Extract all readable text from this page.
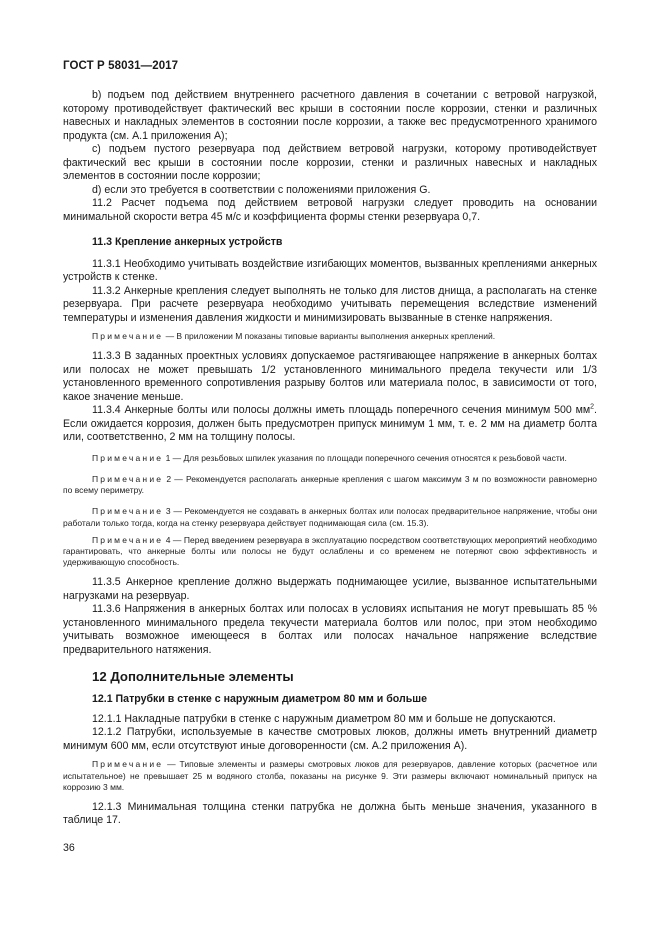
ГОСТ Р 58031—2017

b) подъем под действием внутреннего расчетного давления в сочетании с ветровой нагрузкой, которому противодействует фактический вес крыши в состоянии после коррозии, стенки и различных навесных и накладных элементов в состоянии после коррозии, а также вес предусмотренного хранимого продукта (см. А.1 приложения А);

c) подъем пустого резервуара под действием ветровой нагрузки, которому противодействует фактический вес крыши в состоянии после коррозии, стенки и различных навесных и накладных элементов в состоянии после коррозии;

d) если это требуется в соответствии с положениями приложения G.

11.2 Расчет подъема под действием ветровой нагрузки следует проводить на основании минимальной скорости ветра 45 м/с и коэффициента формы стенки резервуара 0,7.

11.3 Крепление анкерных устройств

11.3.1 Необходимо учитывать воздействие изгибающих моментов, вызванных креплениями анкерных устройств к стенке.

11.3.2 Анкерные крепления следует выполнять не только для листов днища, а располагать на стенке резервуара. При расчете резервуара необходимо учитывать перемещения вследствие изменений температуры и изменения давления жидкости и минимизировать вызванные в стенке напряжения.

Примечание — В приложении М показаны типовые варианты выполнения анкерных креплений.

11.3.3 В заданных проектных условиях допускаемое растягивающее напряжение в анкерных болтах или полосах не может превышать 1/2 установленного минимального предела текучести или 1/3 установленного временного сопротивления разрыву болтов или материала полос, в зависимости от того, какое значение меньше.

11.3.4 Анкерные болты или полосы должны иметь площадь поперечного сечения минимум 500 $мм^2$. Если ожидается коррозия, должен быть предусмотрен припуск минимум 1 мм, т. е. 2 мм на диаметр болта или, соответственно, 2 мм на толщину полосы.

Примечание 1 — Для резьбовых шпилек указания по площади поперечного сечения относятся к резьбовой части.

Примечание 2 — Рекомендуется располагать анкерные крепления с шагом максимум 3 м по возможности равномерно по всему периметру.

Примечание 3 — Рекомендуется не создавать в анкерных болтах или полосах предварительное напряжение, чтобы они работали только тогда, когда на стенку резервуара действует поднимающая сила (см. 15.3).

Примечание 4 — Перед введением резервуара в эксплуатацию посредством соответствующих мероприятий необходимо гарантировать, что анкерные болты или полосы не будут ослаблены и со временем не потеряют свою эффективность и удерживающую способность.

11.3.5 Анкерное крепление должно выдержать поднимающее усилие, вызванное испытательными нагрузками на резервуар.

11.3.6 Напряжения в анкерных болтах или полосах в условиях испытания не могут превышать 85 % установленного минимального предела текучести материала болтов или полос, при этом необходимо учитывать возможное имеющееся в болтах или полосах начальное напряжение вследствие предварительного натяжения.

12 Дополнительные элементы

12.1 Патрубки в стенке с наружным диаметром 80 мм и больше

12.1.1 Накладные патрубки в стенке с наружным диаметром 80 мм и больше не допускаются.

12.1.2 Патрубки, используемые в качестве смотровых люков, должны иметь внутренний диаметр минимум 600 мм, если отсутствуют иные договоренности (см. А.2 приложения А).

Примечание — Типовые элементы и размеры смотровых люков для резервуаров, давление которых (расчетное или испытательное) не превышает 25 м водяного столба, показаны на рисунке 9. Эти размеры включают номинальный припуск на коррозию 3 мм.

12.1.3 Минимальная толщина стенки патрубка не должна быть меньше значения, указанного в таблице 17.

36
